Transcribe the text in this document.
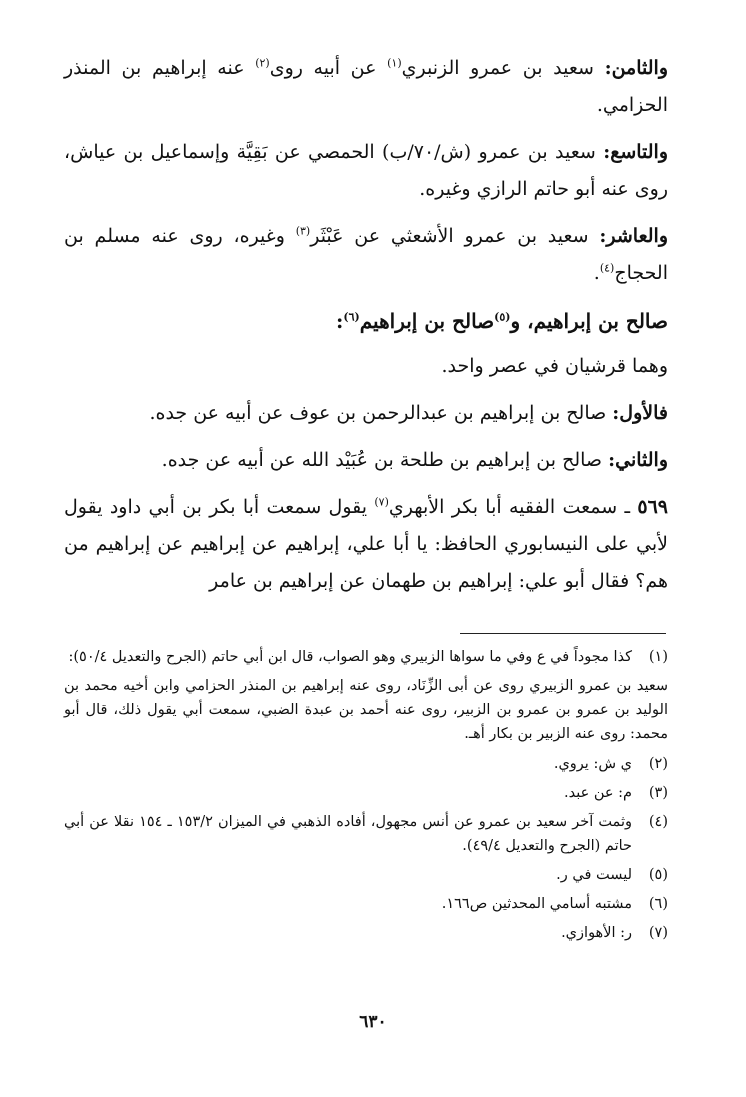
والثامن: سعيد بن عمرو الزنبري$^{(١)}$ عن أبيه روى$^{(٢)}$ عنه إبراهيم بن المنذر الحزامي.

والتاسع: سعيد بن عمرو (ش/٧٠/ب) الحمصي عن بَقِيَّة وإسماعيل بن عياش، روى عنه أبو حاتم الرازي وغيره.

والعاشر: سعيد بن عمرو الأشعثي عن عَبْثَر$^{(٣)}$ وغيره، روى عنه مسلم بن الحجاج$^{(٤)}$.

صالح بن إبراهيم، و$^{(٥)}$صالح بن إبراهيم$^{(٦)}$:

وهما قرشيان في عصر واحد.

فالأول: صالح بن إبراهيم بن عبدالرحمن بن عوف عن أبيه عن جده.

والثاني: صالح بن إبراهيم بن طلحة بن عُبَيْد الله عن أبيه عن جده.

٥٦٩ ـ سمعت الفقيه أبا بكر الأبهري$^{(٧)}$ يقول سمعت أبا بكر بن أبي داود يقول لأبي على النيسابوري الحافظ: يا أبا علي، إبراهيم عن إبراهيم عن إبراهيم من هم؟ فقال أبو علي: إبراهيم بن طهمان عن إبراهيم بن عامر

(١)
كذا مجوداً في ع وفي ما سواها الزبيري وهو الصواب، قال ابن أبي حاتم (الجرح والتعديل ٥٠/٤):

سعيد بن عمرو الزبيري روى عن أبى الزِّنَاد، روى عنه إبراهيم بن المنذر الحزامي وابن أخيه محمد بن الوليد بن عمرو بن عمرو بن الزبير، روى عنه أحمد بن عبدة الضبي، سمعت أبي يقول ذلك، قال أبو محمد: روى عنه الزبير بن بكار أهـ.

(٢)
ي ش: يروي.
(٣)
م: عن عبد.
(٤)
وثمت آخر سعيد بن عمرو عن أنس مجهول، أفاده الذهبي في الميزان ١٥٣/٢ ـ ١٥٤ نقلا عن أبي حاتم (الجرح والتعديل ٤٩/٤).
(٥)
ليست في ر.
(٦)
مشتبه أسامي المحدثين ص١٦٦.
(٧)
ر: الأهوازي.
٦٣٠
